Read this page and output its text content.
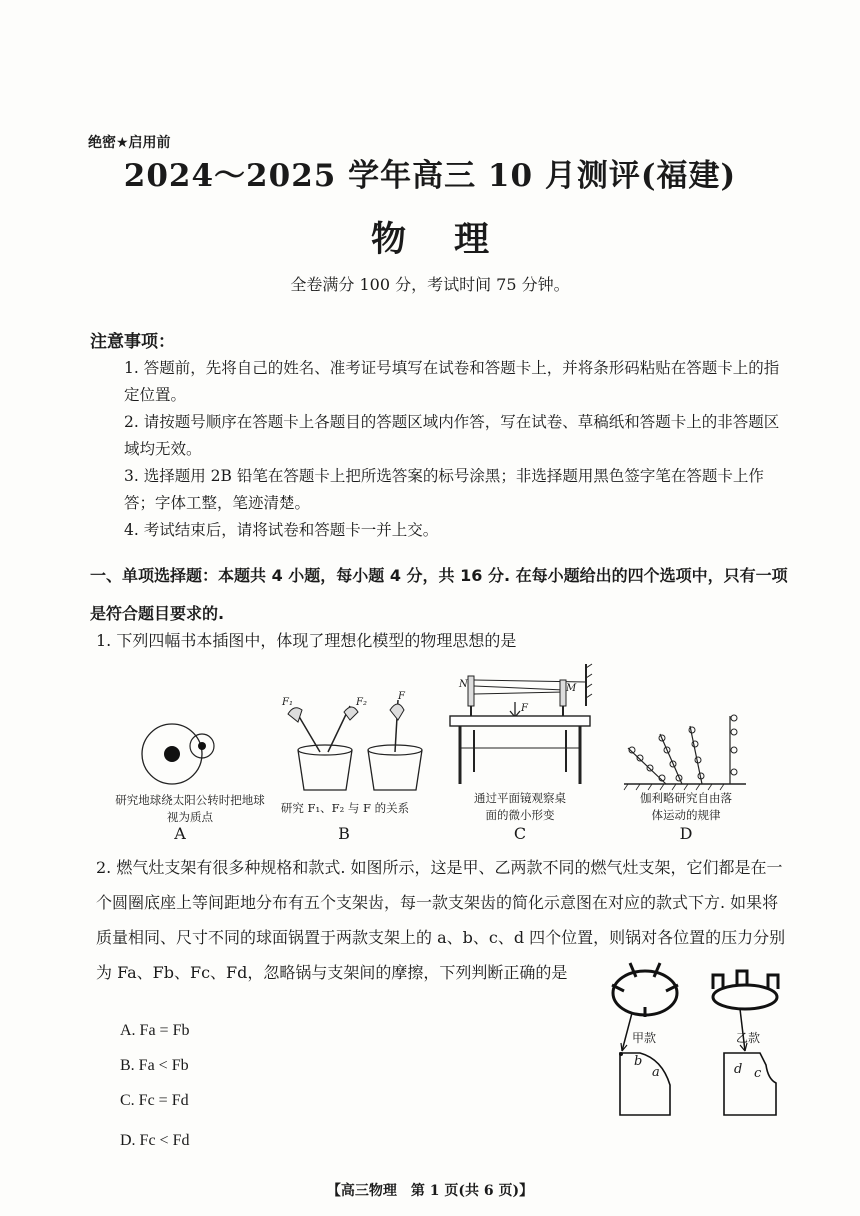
绝密★启用前
2024～2025 学年高三 10 月测评(福建)
物理
全卷满分 100 分，考试时间 75 分钟。
注意事项：
1. 答题前，先将自己的姓名、准考证号填写在试卷和答题卡上，并将条形码粘贴在答题卡上的指定位置。
2. 请按题号顺序在答题卡上各题目的答题区域内作答，写在试卷、草稿纸和答题卡上的非答题区域均无效。
3. 选择题用 2B 铅笔在答题卡上把所选答案的标号涂黑；非选择题用黑色签字笔在答题卡上作答；字体工整，笔迹清楚。
4. 考试结束后，请将试卷和答题卡一并上交。
一、单项选择题：本题共 4 小题，每小题 4 分，共 16 分. 在每小题给出的四个选项中，只有一项是符合题目要求的.
1. 下列四幅书本插图中，体现了理想化模型的物理思想的是
研究地球绕太阳公转时把地球视为质点
A
F₁	F₂
F
研究 F₁、F₂ 与 F 的关系
B
N	M
F
通过平面镜观察桌面的微小形变
C
伽利略研究自由落体运动的规律
D
2. 燃气灶支架有很多种规格和款式. 如图所示，这是甲、乙两款不同的燃气灶支架，它们都是在一个圆圈底座上等间距地分布有五个支架齿，每一款支架齿的简化示意图在对应的款式下方. 如果将质量相同、尺寸不同的球面锅置于两款支架上的 a、b、c、d 四个位置，则锅对各位置的压力分别为 Fa、Fb、Fc、Fd，忽略锅与支架间的摩擦，下列判断正确的是
A. Fa = Fb
B. Fa < Fb
C. Fc = Fd
D. Fc < Fd
甲款	乙款
b
a	d c
【高三物理　第 1 页(共 6 页)】
